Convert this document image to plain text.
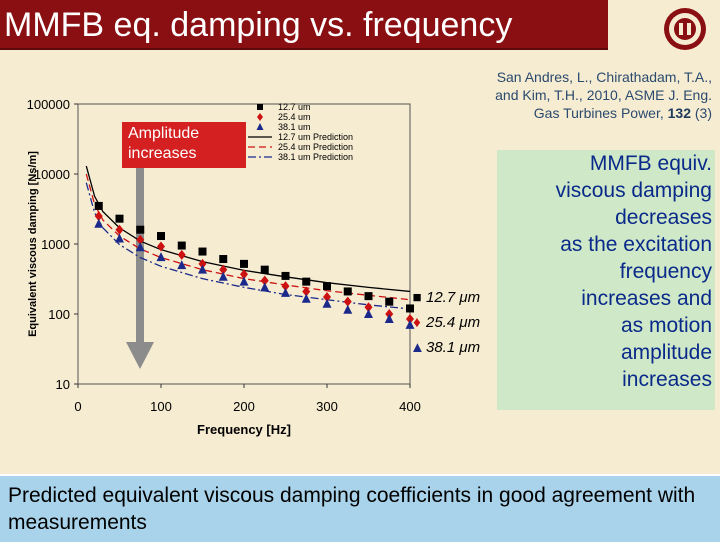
MMFB eq. damping vs. frequency
San Andres, L., Chirathadam, T.A.,
and Kim, T.H., 2010, ASME J. Eng.
Gas Turbines Power, 132 (3)
10
100
1000
10000
100000
0	100	200	300	400
Frequency [Hz]
Equivalent viscous damping [Ns/m]
12.7 um
25.4 um
38.1 um
12.7 um Prediction
25.4 um Prediction
38.1 um Prediction
Amplitude
increases
■ 12.7 μm
♦ 25.4 μm
▲ 38.1 μm
MMFB equiv.
viscous damping
decreases
as the excitation
frequency
increases and
as motion
amplitude
increases
Predicted equivalent viscous damping coefficients in good agreement with measurements
